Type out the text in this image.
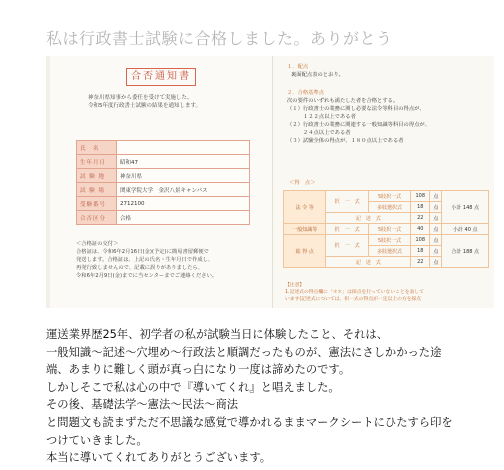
私は行政書士試験に合格しました。ありがとう
合否通知書
神奈川県知事から委任を受けて実施した、
令和5年度行政書士試験の結果を通知します。
氏　名	
生年月日	昭和47
試 験 地	神奈川県
試 験 場	関東学院大学　金沢八景キャンパス
受験番号	2712100
合否区分	合格
＜合格証の交付＞
合格証は、令和6年2月16日(金)(予定)に簡易書留郵便で
発送します。合格証は、上記の氏名・生年月日で作成し、
再発行致しませんので、記載に誤りがありましたら、
令和6年2月9日(金)までに当センターまでご連絡ください。
１．配点
裏面配点表のとおり。
２．合格基準点
次の要件のいずれも満たした者を合格とする。
（１）行政書士の業務に関し必要な法令等科目の得点が、
　　　１２２点以上である者
（２）行政書士の業務に関連する一般知識等科目の得点が、
　　　２４点以上である者
（３）試験全体の得点が、１８０点以上である者
＜得　点＞
法 令 等	択　一　式	5肢択一式	108	点	小計 148 点
		多肢選択式	18	点	
	記　述　式		22	点	
一般知識等	択　一　式	5肢択一式	40	点	小計 40 点
総 得 点	択　一　式	5肢択一式	108	点	合計 188 点
		多肢選択式	18	点	
	記　述　式		22	点	
【注意】
1.記述式の得点欄に「＊＊」は採点を行っていないことを表して
います(記述式については、択一式の得点が一定以上の方を採点

運送業界歴25年、初学者の私が試験当日に体験したこと、それは、

一般知識～記述～穴埋め～行政法と順調だったものが、憲法にさしかかった途

端、あまりに難しく頭が真っ白になり一度は諦めたのです。

しかしそこで私は心の中で『導いてくれ』と唱えました。

その後、基礎法学～憲法～民法～商法

と問題文も読まずただ不思議な感覚で導かれるままマークシートにひたすら印を

つけていきました。

本当に導いてくれてありがとうございます。
